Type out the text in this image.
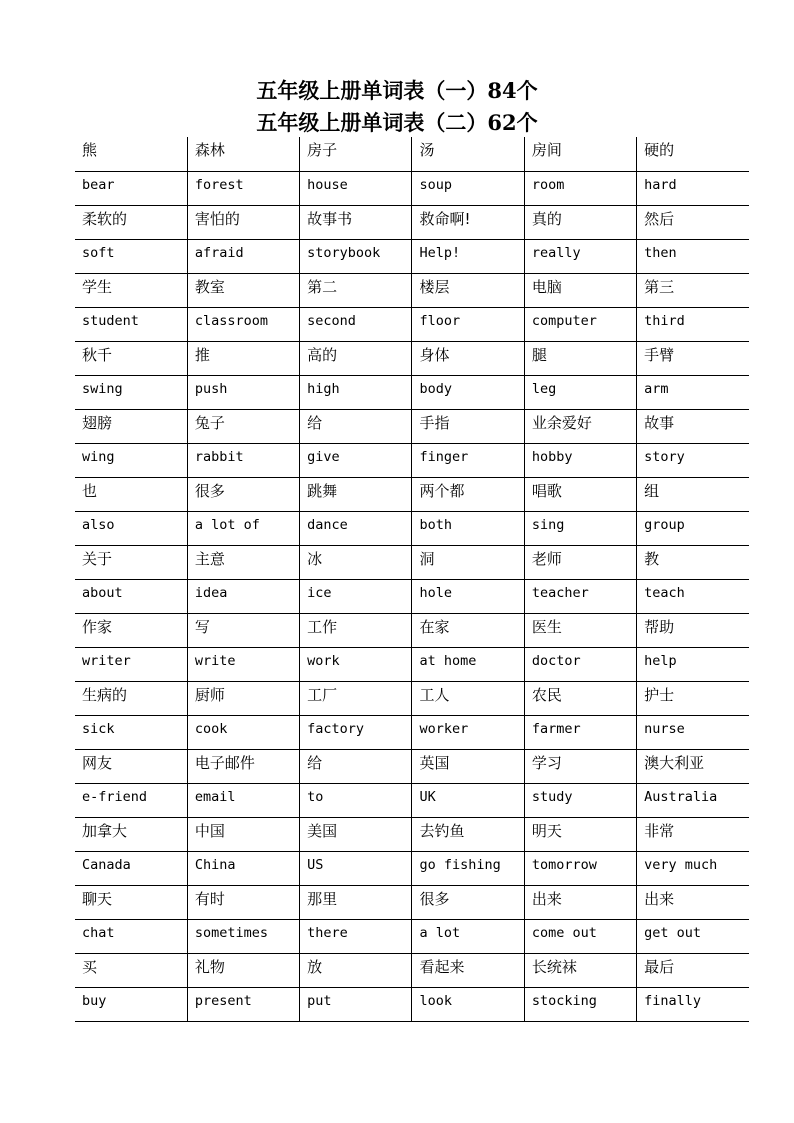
五年级上册单词表（一）84个
五年级上册单词表（二）62个
熊	森林	房子	汤	房间	硬的
bear	forest	house	soup	room	hard
柔软的	害怕的	故事书	救命啊!	真的	然后
soft	afraid	storybook	Help!	really	then
学生	教室	第二	楼层	电脑	第三
student	classroom	second	floor	computer	third
秋千	推	高的	身体	腿	手臂
swing	push	high	body	leg	arm
翅膀	兔子	给	手指	业余爱好	故事
wing	rabbit	give	finger	hobby	story
也	很多	跳舞	两个都	唱歌	组
also	a lot of	dance	both	sing	group
关于	主意	冰	洞	老师	教
about	idea	ice	hole	teacher	teach
作家	写	工作	在家	医生	帮助
writer	write	work	at home	doctor	help
生病的	厨师	工厂	工人	农民	护士
sick	cook	factory	worker	farmer	nurse
网友	电子邮件	给	英国	学习	澳大利亚
e-friend	email	to	UK	study	Australia
加拿大	中国	美国	去钓鱼	明天	非常
Canada	China	US	go fishing	tomorrow	very much
聊天	有时	那里	很多	出来	出来
chat	sometimes	there	a lot	come out	get out
买	礼物	放	看起来	长统袜	最后
buy	present	put	look	stocking	finally
